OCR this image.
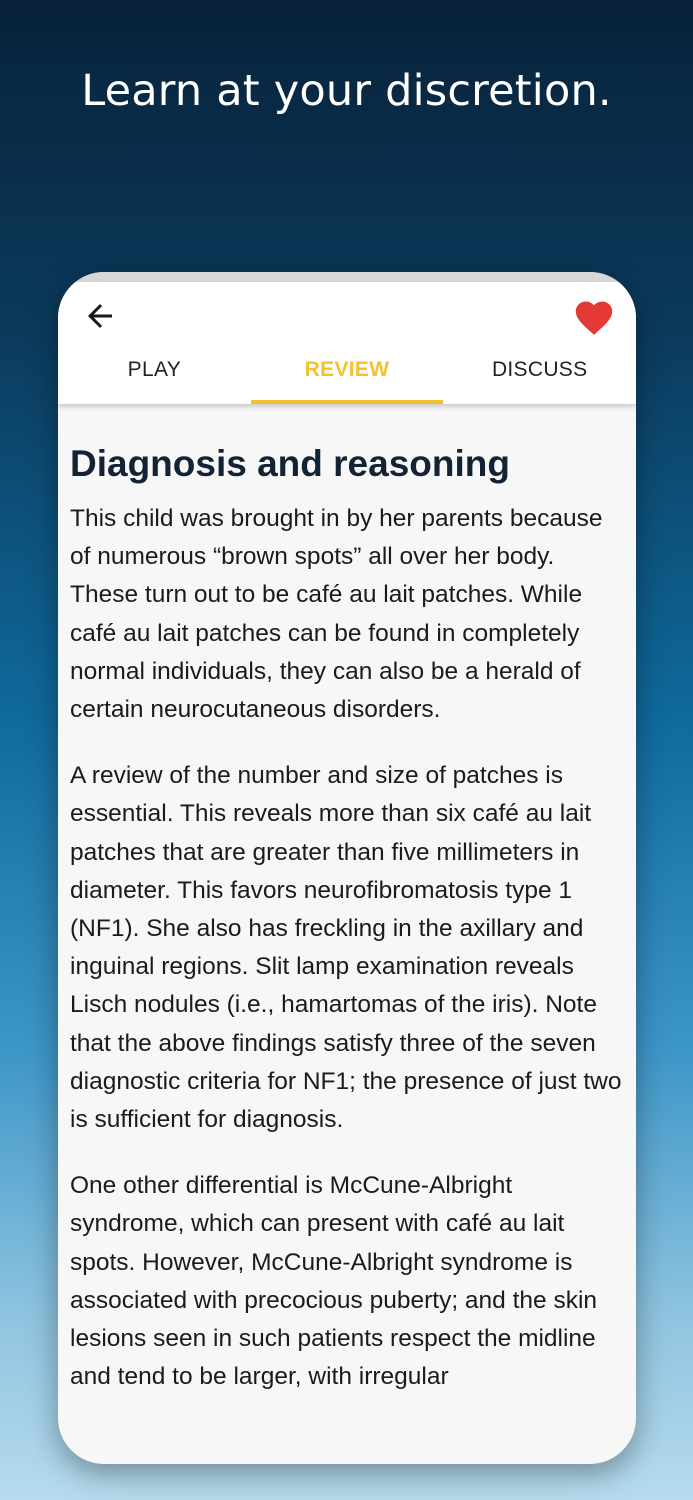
Learn at your discretion.
PLAY	REVIEW	DISCUSS
Diagnosis and reasoning

This child was brought in by her parents because of numerous “brown spots” all over her body. These turn out to be café au lait patches. While café au lait patches can be found in completely normal individuals, they can also be a herald of certain neurocutaneous disorders.

A review of the number and size of patches is essential. This reveals more than six café au lait patches that are greater than five millimeters in diameter. This favors neurofibromatosis type 1 (NF1). She also has freckling in the axillary and inguinal regions. Slit lamp examination reveals Lisch nodules (i.e., hamartomas of the iris). Note that the above findings satisfy three of the seven diagnostic criteria for NF1; the presence of just two is sufficient for diagnosis.

One other differential is McCune-Albright syndrome, which can present with café au lait spots. However, McCune-Albright syndrome is associated with precocious puberty; and the skin lesions seen in such patients respect the midline and tend to be larger, with irregular
